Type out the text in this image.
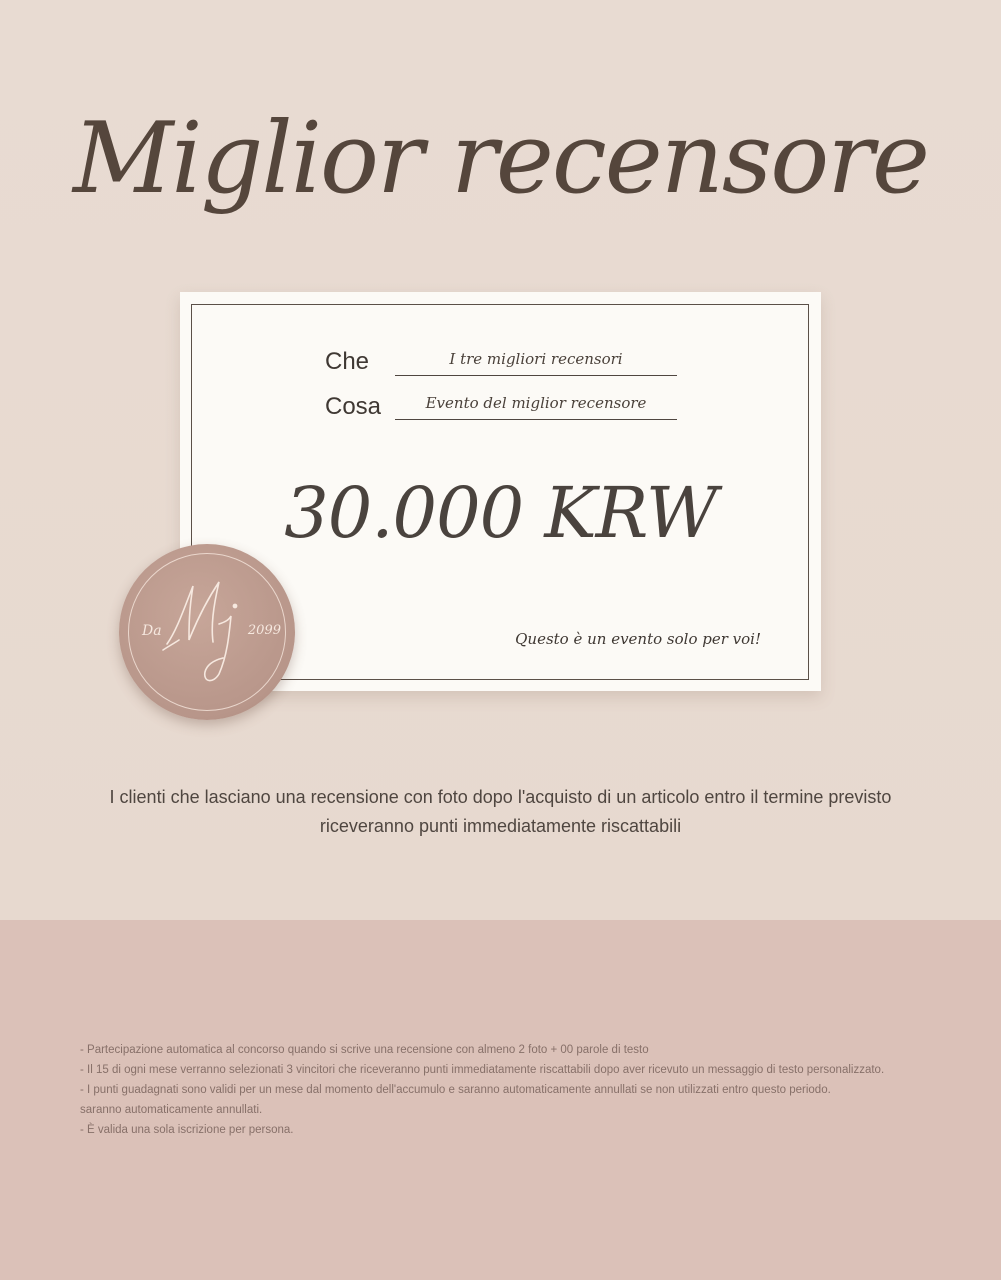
Miglior recensore
Che	I tre migliori recensori
Cosa	Evento del miglior recensore
30.000 KRW
Questo è un evento solo per voi!
Da	2099
I clienti che lasciano una recensione con foto dopo l'acquisto di un articolo entro il termine previsto
riceveranno punti immediatamente riscattabili
- Partecipazione automatica al concorso quando si scrive una recensione con almeno 2 foto + 00 parole di testo
- Il 15 di ogni mese verranno selezionati 3 vincitori che riceveranno punti immediatamente riscattabili dopo aver ricevuto un messaggio di testo personalizzato.
- I punti guadagnati sono validi per un mese dal momento dell'accumulo e saranno automaticamente annullati se non utilizzati entro questo periodo.
saranno automaticamente annullati.
- È valida una sola iscrizione per persona.
